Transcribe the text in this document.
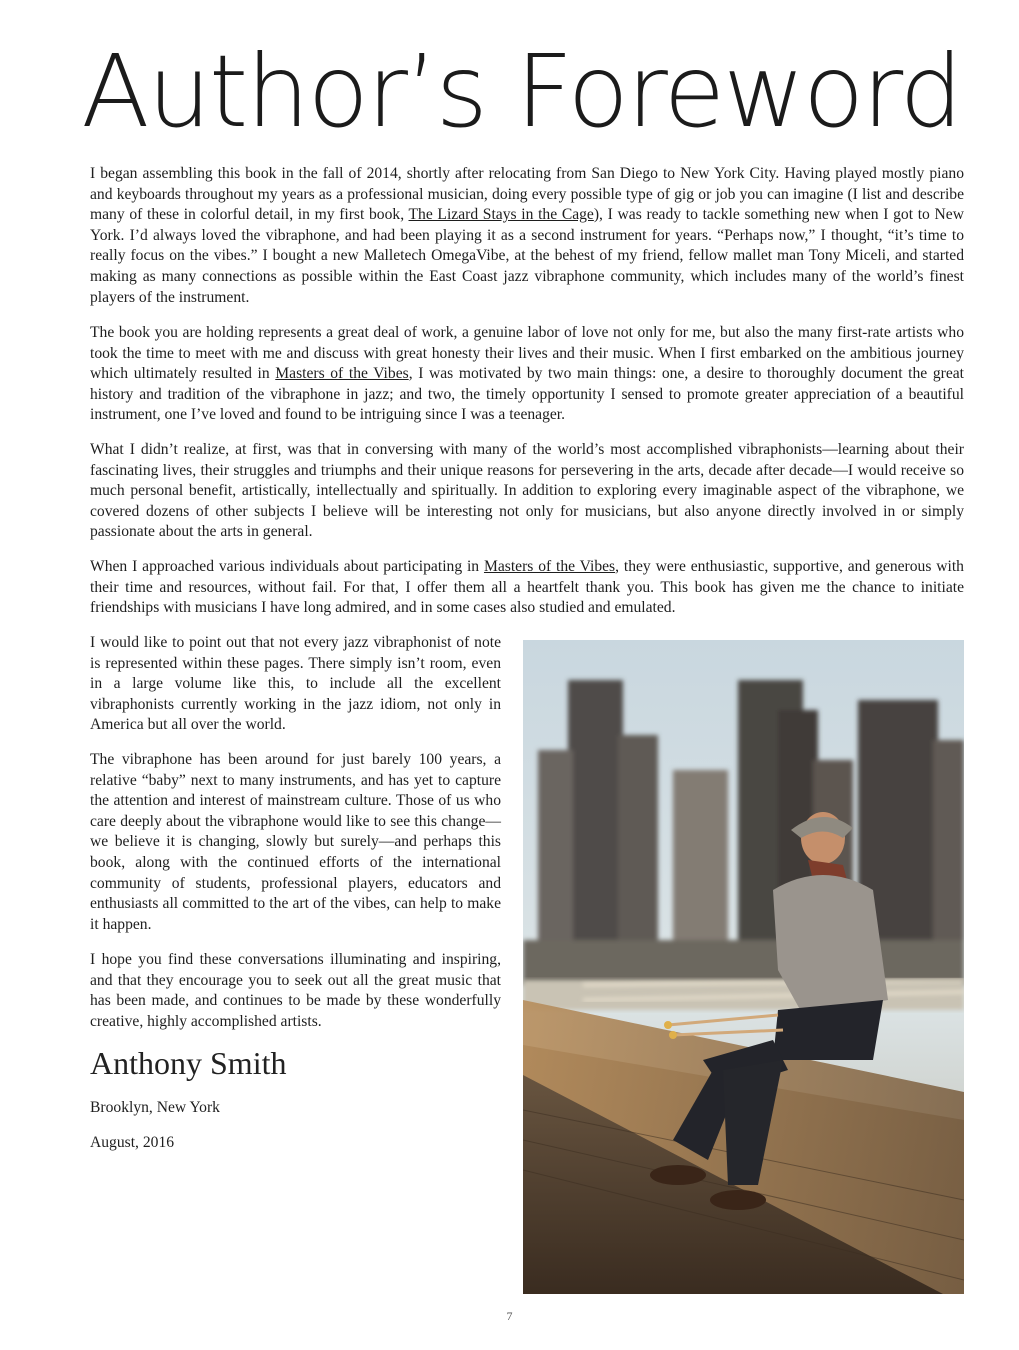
Author’s Foreword

I began assembling this book in the fall of 2014, shortly after relocating from San Diego to New York City. Having played mostly piano and keyboards throughout my years as a professional musician, doing every possible type of gig or job you can imagine (I list and describe many of these in colorful detail, in my first book, The Lizard Stays in the Cage), I was ready to tackle something new when I got to New York. I’d always loved the vibraphone, and had been playing it as a second instrument for years. “Perhaps now,” I thought, “it’s time to really focus on the vibes.” I bought a new Malletech OmegaVibe, at the behest of my friend, fellow mallet man Tony Miceli, and started making as many connections as possible within the East Coast jazz vibraphone community, which includes many of the world’s finest players of the instrument.

The book you are holding represents a great deal of work, a genuine labor of love not only for me, but also the many first-rate artists who took the time to meet with me and discuss with great honesty their lives and their music. When I first embarked on the ambitious journey which ultimately resulted in Masters of the Vibes, I was motivated by two main things: one, a desire to thoroughly document the great history and tradition of the vibraphone in jazz; and two, the timely opportunity I sensed to promote greater appreciation of a beautiful instrument, one I’ve loved and found to be intriguing since I was a teenager.

What I didn’t realize, at first, was that in conversing with many of the world’s most accomplished vibraphonists—learning about their fascinating lives, their struggles and triumphs and their unique reasons for persevering in the arts, decade after decade—I would receive so much personal benefit, artistically, intellectually and spiritually. In addition to exploring every imaginable aspect of the vibraphone, we covered dozens of other subjects I believe will be interesting not only for musicians, but also anyone directly involved in or simply passionate about the arts in general.

When I approached various individuals about participating in Masters of the Vibes, they were enthusiastic, supportive, and generous with their time and resources, without fail. For that, I offer them all a heartfelt thank you. This book has given me the chance to initiate friendships with musicians I have long admired, and in some cases also studied and emulated.

I would like to point out that not every jazz vibraphonist of note is represented within these pages. There simply isn’t room, even in a large volume like this, to include all the excellent vibraphonists currently working in the jazz idiom, not only in America but all over the world.

The vibraphone has been around for just barely 100 years, a relative “baby” next to many instruments, and has yet to capture the attention and interest of mainstream culture. Those of us who care deeply about the vibraphone would like to see this change—we believe it is changing, slowly but surely—and perhaps this book, along with the continued efforts of the international community of students, professional players, educators and enthusiasts all committed to the art of the vibes, can help to make it happen.

I hope you find these conversations illuminating and inspiring, and that they encourage you to seek out all the great music that has been made, and continues to be made by these wonderfully creative, highly accomplished artists.

Anthony Smith

Brooklyn, New York

August, 2016

7
